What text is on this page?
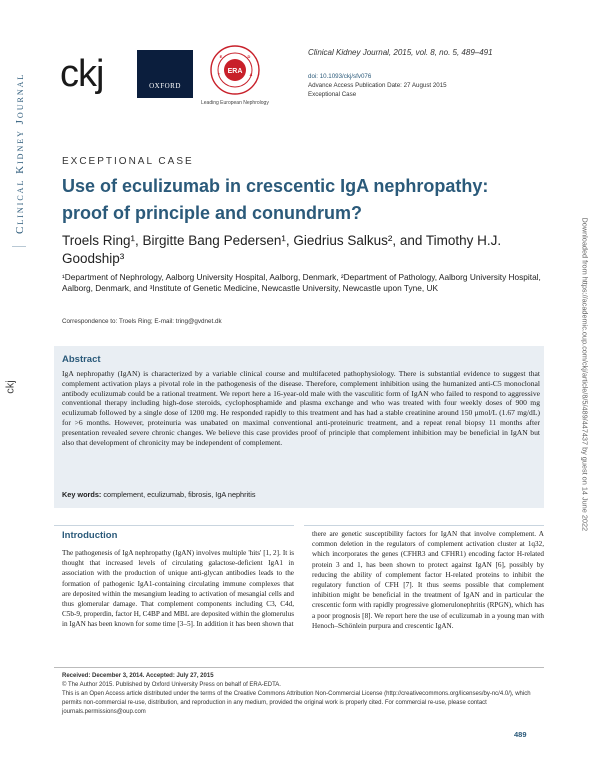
Clinical Kidney Journal
ckj	Downloaded from https://academic.oup.com/ckj/article/8/5/489/447437 by guest on 14 June 2022
ckj	OXFORD
ERA
E	D
T	A
Leading European Nephrology
Clinical Kidney Journal, 2015, vol. 8, no. 5, 489–491
doi: 10.1093/ckj/sfv076
Advance Access Publication Date: 27 August 2015
Exceptional Case
EXCEPTIONAL CASE
Use of eculizumab in crescentic IgA nephropathy: proof of principle and conundrum?
Troels Ring¹, Birgitte Bang Pedersen¹, Giedrius Salkus², and Timothy H.J. Goodship³
¹Department of Nephrology, Aalborg University Hospital, Aalborg, Denmark, ²Department of Pathology, Aalborg University Hospital, Aalborg, Denmark, and ³Institute of Genetic Medicine, Newcastle University, Newcastle upon Tyne, UK
Correspondence to: Troels Ring; E-mail: tring@gvdnet.dk
Abstract
IgA nephropathy (IgAN) is characterized by a variable clinical course and multifaceted pathophysiology. There is substantial evidence to suggest that complement activation plays a pivotal role in the pathogenesis of the disease. Therefore, complement inhibition using the humanized anti-C5 monoclonal antibody eculizumab could be a rational treatment. We report here a 16-year-old male with the vasculitic form of IgAN who failed to respond to aggressive conventional therapy including high-dose steroids, cyclophosphamide and plasma exchange and who was treated with four weekly doses of 900 mg eculizumab followed by a single dose of 1200 mg. He responded rapidly to this treatment and has had a stable creatinine around 150 μmol/L (1.67 mg/dL) for >6 months. However, proteinuria was unabated on maximal conventional anti-proteinuric treatment, and a repeat renal biopsy 11 months after presentation revealed severe chronic changes. We believe this case provides proof of principle that complement inhibition may be beneficial in IgAN but also that development of chronicity may be independent of complement.
Key words: complement, eculizumab, fibrosis, IgA nephritis
Introduction
The pathogenesis of IgA nephropathy (IgAN) involves multiple 'hits' [1, 2]. It is thought that increased levels of circulating galactose-deficient IgA1 in association with the production of unique anti-glycan antibodies leads to the formation of pathogenic IgA1-containing circulating immune complexes that are deposited within the mesangium leading to activation of mesangial cells and thus glomerular damage. That complement components including C3, C4d, C5b-9, properdin, factor H, C4BP and MBL are deposited within the glomerulus in IgAN has been known for some time [3–5]. In addition it has been shown that
there are genetic susceptibility factors for IgAN that involve complement. A common deletion in the regulators of complement activation cluster at 1q32, which incorporates the genes (CFHR3 and CFHR1) encoding factor H-related protein 3 and 1, has been shown to protect against IgAN [6], possibly by reducing the ability of complement factor H-related proteins to inhibit the regulatory function of CFH [7]. It thus seems possible that complement inhibition might be beneficial in the treatment of IgAN and in particular the crescentic form with rapidly progressive glomerulonephritis (RPGN), which has a poor prognosis [8]. We report here the use of eculizumab in a young man with Henoch–Schönlein purpura and crescentic IgAN.
Received: December 3, 2014. Accepted: July 27, 2015
© The Author 2015. Published by Oxford University Press on behalf of ERA-EDTA.
This is an Open Access article distributed under the terms of the Creative Commons Attribution Non-Commercial License (http://creativecommons.org/licenses/by-nc/4.0/), which permits non-commercial re-use, distribution, and reproduction in any medium, provided the original work is properly cited. For commercial re-use, please contact journals.permissions@oup.com
489
